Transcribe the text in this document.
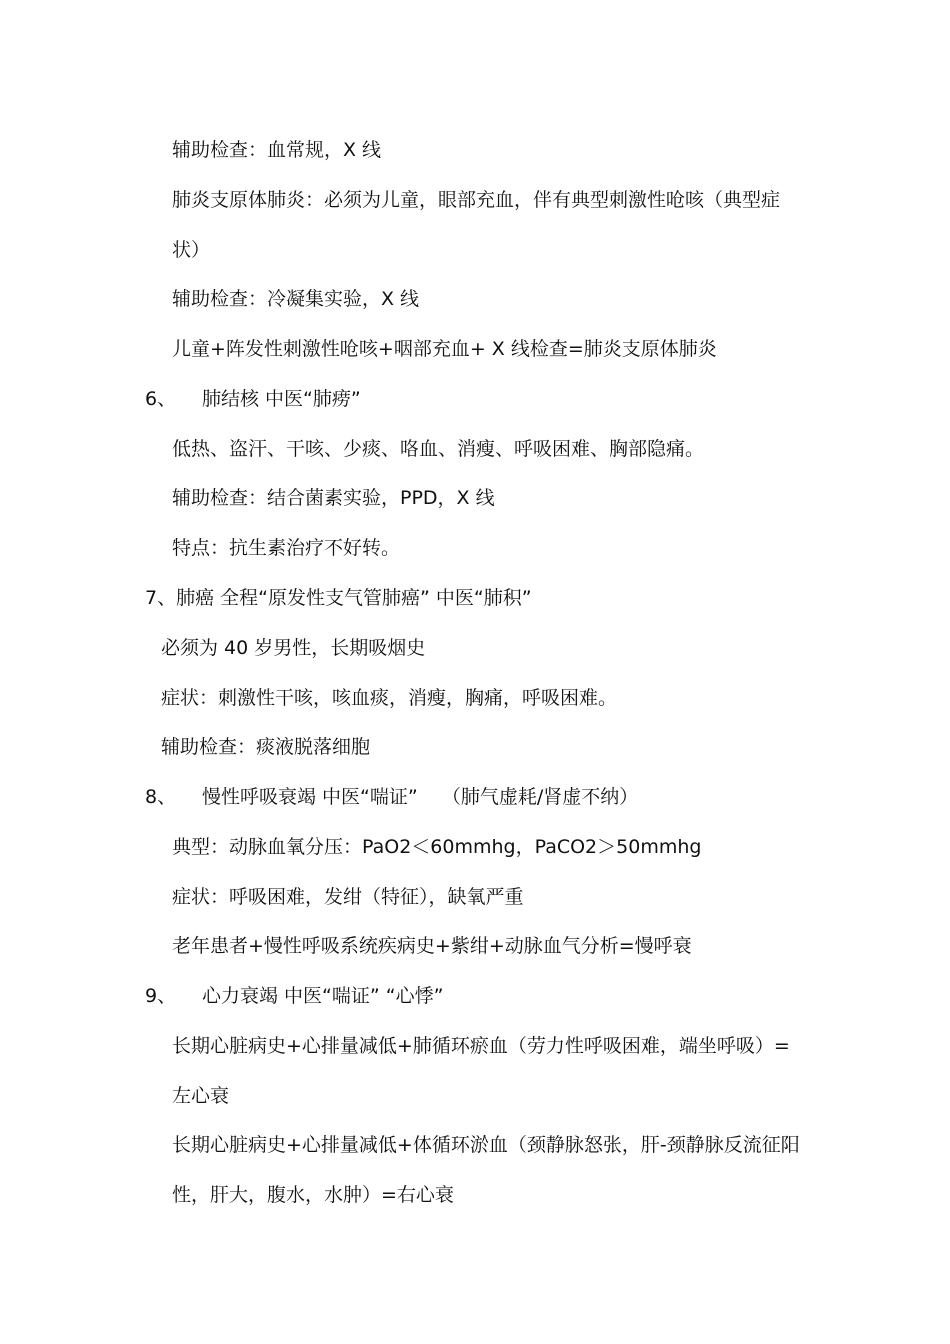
辅助检查：血常规，X 线
肺炎支原体肺炎：必须为儿童，眼部充血，伴有典型刺激性呛咳（典型症
状）
辅助检查：冷凝集实验，X 线
儿童+阵发性刺激性呛咳+咽部充血+ X 线检查=肺炎支原体肺炎
6、 肺结核 中医“肺痨”
低热、盗汗、干咳、少痰、咯血、消瘦、呼吸困难、胸部隐痛。
辅助检查：结合菌素实验，PPD，X 线
特点：抗生素治疗不好转。
7、肺癌 全程“原发性支气管肺癌” 中医“肺积”
必须为 40 岁男性，长期吸烟史
症状：刺激性干咳，咳血痰，消瘦，胸痛，呼吸困难。
辅助检查：痰液脱落细胞
8、 慢性呼吸衰竭 中医“喘证”    （肺气虚耗/肾虚不纳）
典型：动脉血氧分压：PaO2＜60mmhg，PaCO2＞50mmhg
症状：呼吸困难，发绀（特征），缺氧严重
老年患者+慢性呼吸系统疾病史+紫绀+动脉血气分析=慢呼衰
9、 心力衰竭 中医“喘证” “心悸”
长期心脏病史+心排量减低+肺循环瘀血（劳力性呼吸困难，端坐呼吸）=
左心衰
长期心脏病史+心排量减低+体循环淤血（颈静脉怒张，肝-颈静脉反流征阳
性，肝大，腹水，水肿）=右心衰
